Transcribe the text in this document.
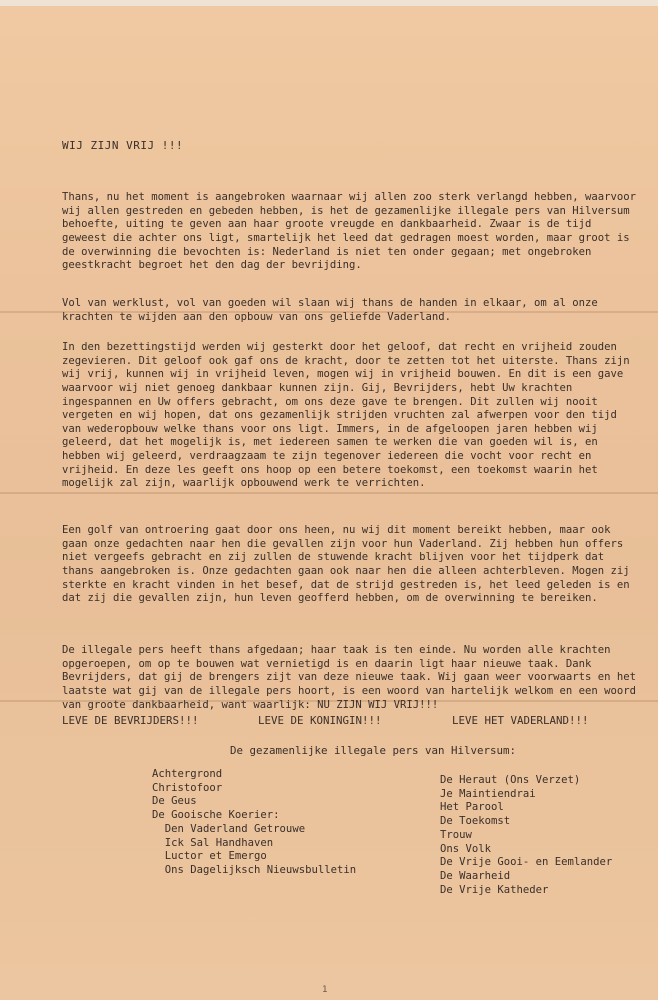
WIJ ZIJN VRIJ !!!

Thans, nu het moment is aangebroken waarnaar wij allen zoo sterk verlangd hebben, waarvoor wij allen gestreden en gebeden hebben, is het de gezamenlijke illegale pers van Hilversum behoefte, uiting te geven aan haar groote vreugde en dankbaarheid. Zwaar is de tijd geweest die achter ons ligt, smartelijk het leed dat gedragen moest worden, maar groot is de overwinning die bevochten is: Nederland is niet ten onder gegaan; met ongebroken geestkracht begroet het den dag der bevrijding.

Vol van werklust, vol van goeden wil slaan wij thans de handen in elkaar, om al onze krachten te wijden aan den opbouw van ons geliefde Vaderland.

In den bezettingstijd werden wij gesterkt door het geloof, dat recht en vrijheid zouden zegevieren. Dit geloof ook gaf ons de kracht, door te zetten tot het uiterste. Thans zijn wij vrij, kunnen wij in vrijheid leven, mogen wij in vrijheid bouwen. En dit is een gave waarvoor wij niet genoeg dankbaar kunnen zijn. Gij, Bevrijders, hebt Uw krachten ingespannen en Uw offers gebracht, om ons deze gave te brengen. Dit zullen wij nooit vergeten en wij hopen, dat ons gezamenlijk strijden vruchten zal afwerpen voor den tijd van wederopbouw welke thans voor ons ligt. Immers, in de afgeloopen jaren hebben wij geleerd, dat het mogelijk is, met iedereen samen te werken die van goeden wil is, en hebben wij geleerd, verdraagzaam te zijn tegenover iedereen die vocht voor recht en vrijheid. En deze les geeft ons hoop op een betere toekomst, een toekomst waarin het mogelijk zal zijn, waarlijk opbouwend werk te verrichten.

Een golf van ontroering gaat door ons heen, nu wij dit moment bereikt hebben, maar ook gaan onze gedachten naar hen die gevallen zijn voor hun Vaderland. Zij hebben hun offers niet vergeefs gebracht en zij zullen de stuwende kracht blijven voor het tijdperk dat thans aangebroken is. Onze gedachten gaan ook naar hen die alleen achterbleven. Mogen zij sterkte en kracht vinden in het besef, dat de strijd gestreden is, het leed geleden is en dat zij die gevallen zijn, hun leven geofferd hebben, om de overwinning te bereiken.

De illegale pers heeft thans afgedaan; haar taak is ten einde. Nu worden alle krachten opgeroepen, om op te bouwen wat vernietigd is en daarin ligt haar nieuwe taak. Dank Bevrijders, dat gij de brengers zijt van deze nieuwe taak. Wij gaan weer voorwaarts en het laatste wat gij van de illegale pers hoort, is een woord van hartelijk welkom en een woord van groote dankbaarheid, want waarlijk: NU ZIJN WIJ VRIJ!!!

LEVE DE BEVRIJDERS!!!	LEVE DE KONINGIN!!!	LEVE HET VADERLAND!!!
De gezamenlijke illegale pers van Hilversum:
Achtergrond
Christofoor
De Geus
De Gooische Koerier:
Den Vaderland Getrouwe
Ick Sal Handhaven
Luctor et Emergo
Ons Dagelijksch Nieuwsbulletin
De Heraut (Ons Verzet)
Je Maintiendrai
Het Parool
De Toekomst
Trouw
Ons Volk
De Vrije Gooi- en Eemlander
De Waarheid
De Vrije Katheder
1
